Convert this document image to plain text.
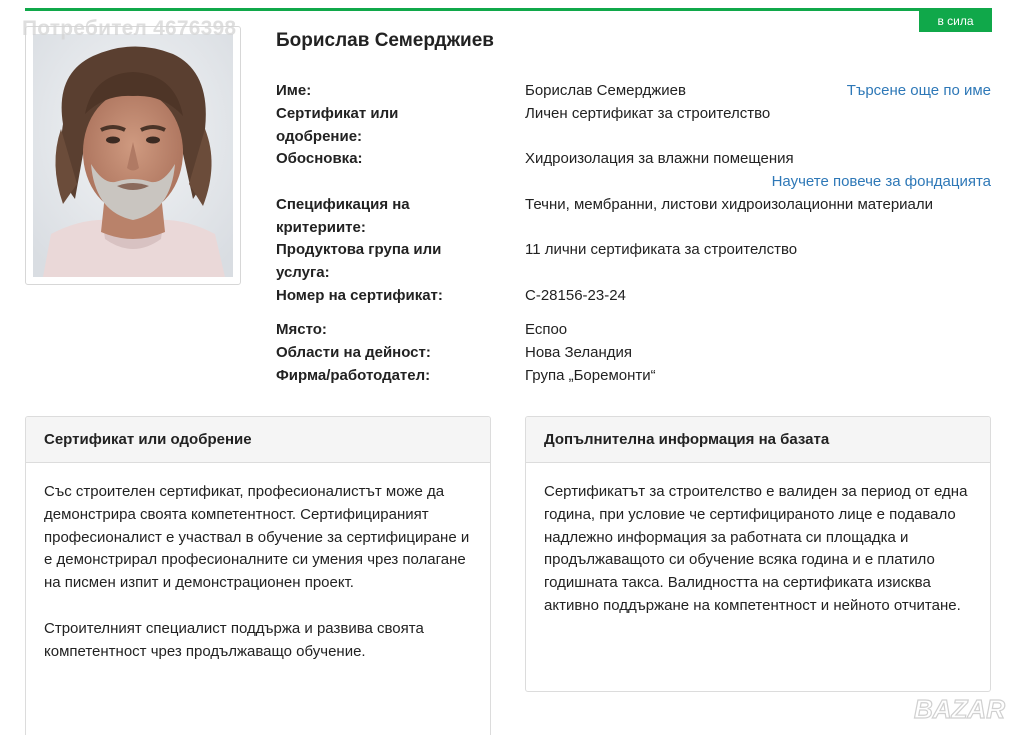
в сила
Борислав Семерджиев
Име:	Борислав Семерджиев	Търсене още по име
Сертификат или одобрение:
Личен сертификат за строителство
Обосновка:	Хидроизолация за влажни помещения
Научете повече за фондацията
Спецификация на критериите:
Течни, мембранни, листови хидроизолационни материали
Продуктова група или услуга:
11 лични сертификата за строителство
Номер на сертификат:	C-28156-23-24
Място:	Еспоо
Области на дейност:	Нова Зеландия
Фирма/работодател:	Група „Боремонти“
Сертификат или одобрение

Със строителен сертификат, професионалистът може да демонстрира своята компетентност. Сертифицираният професионалист е участвал в обучение за сертифициране и е демонстрирал професионалните си умения чрез полагане на писмен изпит и демонстрационен проект.

Строителният специалист поддържа и развива своята компетентност чрез продължаващо обучение.

Допълнителна информация на базата

Сертификатът за строителство е валиден за период от една година, при условие че сертифицираното лице е подавало надлежно информация за работната си площадка и продължаващото си обучение всяка година и е платило годишната такса. Валидността на сертификата изисква активно поддържане на компетентност и нейното отчитане.

Потребител 4676398
BAZAR
